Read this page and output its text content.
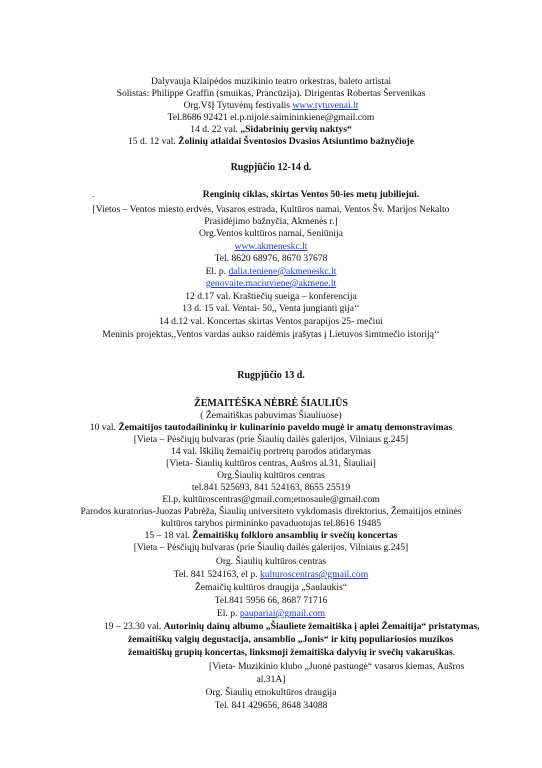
Dalyvauja Klaipėdos muzikinio teatro orkestras, baleto artistai
Solistas: Philippe Graffin (smuikas, Prancūzija). Dirigentas Robertas Šervenikas
Org.VšĮ Tytuvėnų festivalis www.tytuvenai.lt
Tel.8686 92421 el.p.nijole.saimininkiene@gmail.com
14 d. 22 val. „Sidabrinių gervių naktys“
15 d. 12 val. Žolinių atlaidai Šventosios Dvasios Atsiuntimo bažnyčioje
Rugpjūčio 12-14 d.
.	Renginių ciklas, skirtas Ventos 50-ies metų jubiliejui.
[Vietos – Ventos miesto erdvės, Vasaros estrada, Kultūros namai, Ventos Šv. Marijos Nekalto
Prasidėjimo bažnyčia, Akmenės r.]
Org.Ventos kultūros namai, Seniūnija
www.akmeneskc.lt
Tel. 8620 68976, 8670 37678
El. p. dalia.teniene@akmeneskc.lt
genovaite.maciuviene@akmene.lt
12 d.17 val. Kraštiečių sueiga – konferencija
13 d. 15 val. Ventai- 50,, Venta jungianti gija‘‘
14 d.12 val. Koncertas skirtas Ventos parapijos 25- mečiui
Meninis projektas,,Ventos vardas aukso raidėmis įrašytas į Lietuvos šimtmečio istoriją‘‘
Rugpjūčio 13 d.
ŽEMAITĖŠKA NĖBRĖ ŠIAULIŪS
( Žemaitiškas pabuvimas Šiauliuose)
10 val. Žemaitijos tautodailininkų ir kulinarinio paveldo mugė ir amatų demonstravimas
[Vieta – Pėsčiųjų bulvaras (prie Šiaulių dailės galerijos, Vilniaus g.245]
14 val. Iškilių žemaičių portretų parodos atidarymas
[Vieta- Šiaulių kultūros centras, Aušros al.31, Šiauliai]
Org.Šiaulių kultūros centras
tel.841 525693, 841 524163, 8655 25519
El.p. kultūroscentras@gmail.com;etnosaule@gmail.com
Parodos kuratorius-Juozas Pabrėža, Šiaulių universiteto vykdomasis direktorius, Žemaitijos etninės
kultūros tarybos pirmininko pavaduotojas tel.8616 19485
15 – 18 val. Žemaitiškų folkloro ansamblių ir svečių koncertas
[Vieta – Pėsčiųjų bulvaras (prie Šiaulių dailės galerijos, Vilniaus g.245]
Org. Šiaulių kultūros centras
Tel. 841 524163, el p. kulturoscentras@gmail.com
Žemaičių kultūros draugija „Saulaukis“
Tel.841 5956 66, 8687 71716
El. p. paupariai@gmail.com
19 – 23.30 val. Autorinių dainų albumo „Šiauliete žemaitiška į aplei Žemaitija“ pristatymas,
žemaitiškų valgių degustacija, ansamblio „Jonis“ ir kitų populiariosios muzikos
žemaitiškų grupių koncertas, linksmoji žemaitiška dalyvių ir svečių vakaruškas.
[Vieta- Muzikinio klubo „Juonė pastuogė“ vasaros kiemas, Aušros
al.31A]
Org. Šiaulių etnokultūros draugija
Tel. 841 429656, 8648 34088
